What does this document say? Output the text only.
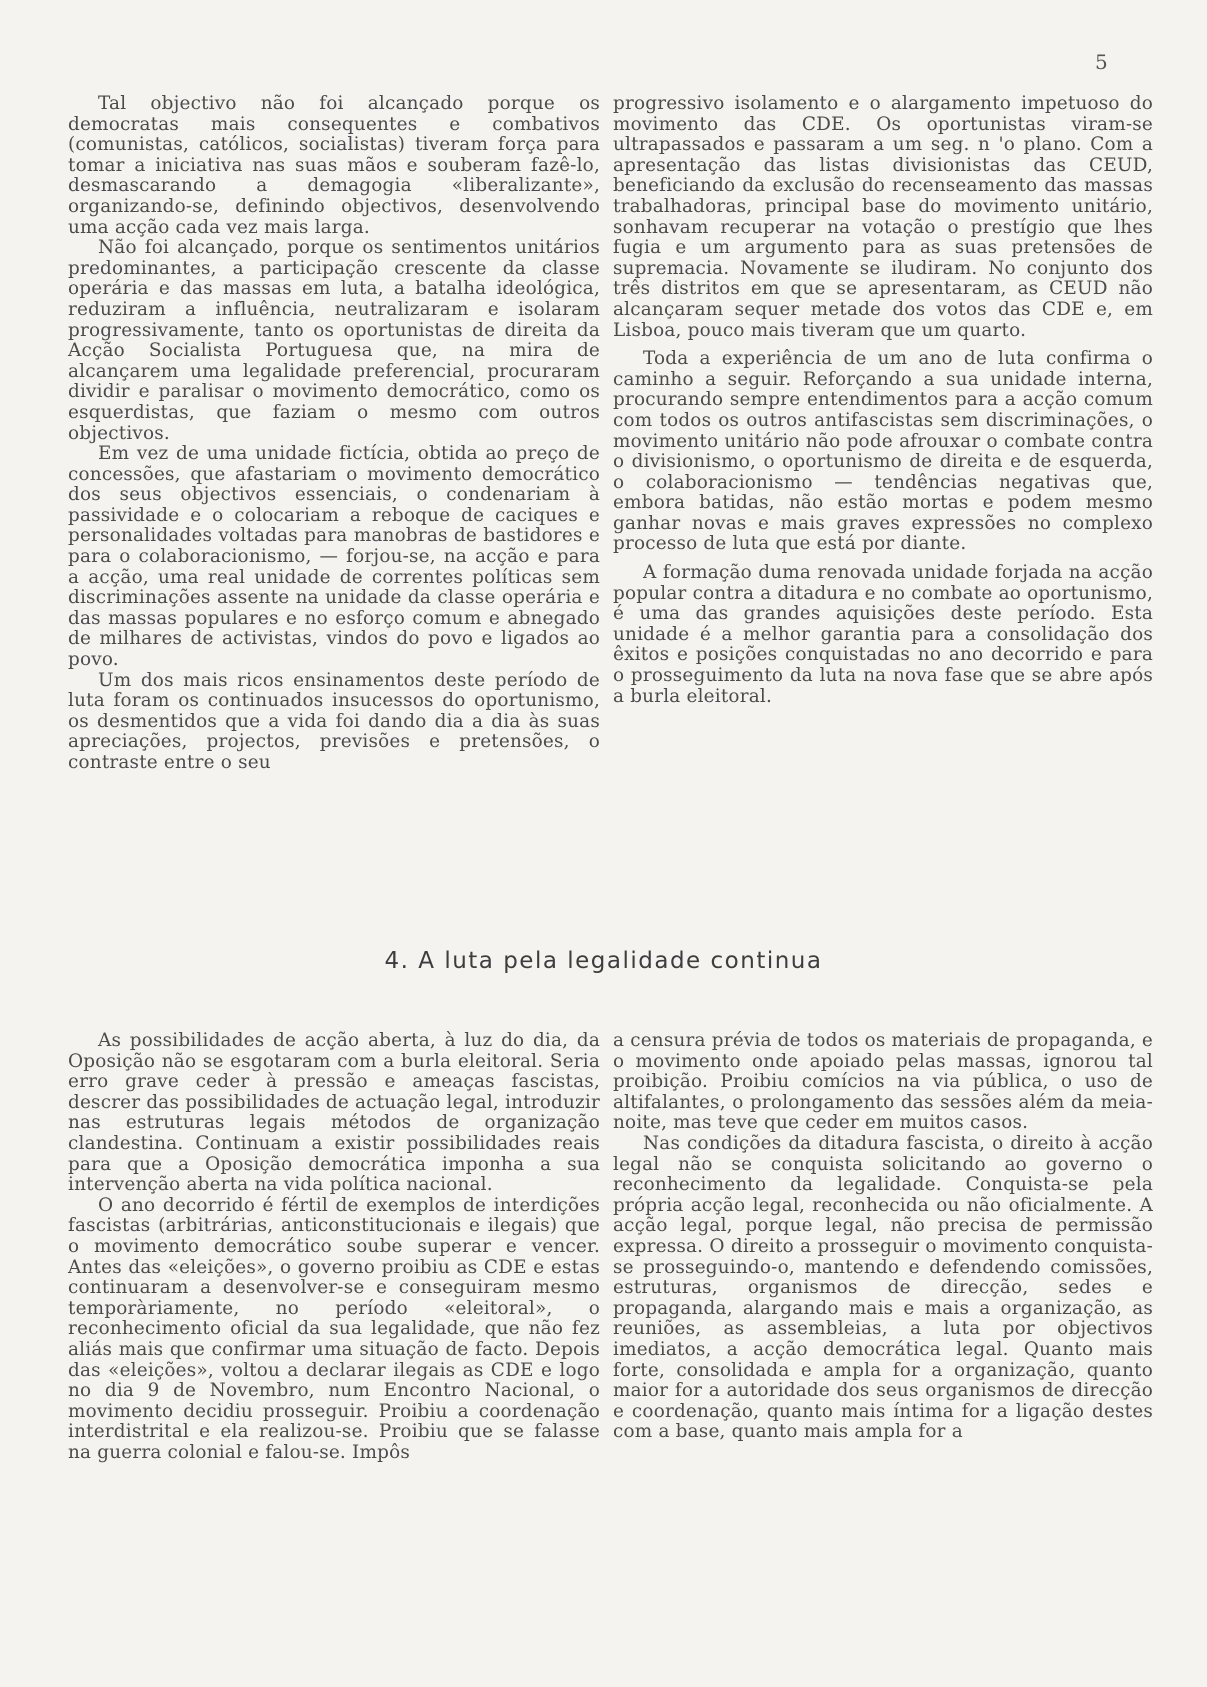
5

Tal objectivo não foi alcançado porque os democratas mais consequentes e combativos (comunistas, católicos, socialistas) tiveram força para tomar a iniciativa nas suas mãos e souberam fazê-lo, desmascarando a demagogia «liberalizante», organizando-se, definindo objectivos, desenvolvendo uma acção cada vez mais larga.

Não foi alcançado, porque os sentimentos unitários predominantes, a participação crescente da classe operária e das massas em luta, a batalha ideológica, reduziram a influência, neutralizaram e isolaram progressivamente, tanto os oportunistas de direita da Acção Socialista Portuguesa que, na mira de alcançarem uma legalidade preferencial, procuraram dividir e paralisar o movimento democrático, como os esquerdistas, que faziam o mesmo com outros objectivos.

Em vez de uma unidade fictícia, obtida ao preço de concessões, que afastariam o movimento democrático dos seus objectivos essenciais, o condenariam à passividade e o colocariam a reboque de caciques e personalidades voltadas para manobras de bastidores e para o colaboracionismo, — forjou-se, na acção e para a acção, uma real unidade de correntes políticas sem discriminações assente na unidade da classe operária e das massas populares e no esforço comum e abnegado de milhares de activistas, vindos do povo e ligados ao povo.

Um dos mais ricos ensinamentos deste período de luta foram os continuados insucessos do oportunismo, os desmentidos que a vida foi dando dia a dia às suas apreciações, projectos, previsões e pretensões, o contraste entre o seu

progressivo isolamento e o alargamento impetuoso do movimento das CDE. Os oportunistas viram-se ultrapassados e passaram a um seg. n 'o plano. Com a apresentação das listas divisionistas das CEUD, beneficiando da exclusão do recenseamento das massas trabalhadoras, principal base do movimento unitário, sonhavam recuperar na votação o prestígio que lhes fugia e um argumento para as suas pretensões de supremacia. Novamente se iludiram. No conjunto dos três distritos em que se apresentaram, as CEUD não alcançaram sequer metade dos votos das CDE e, em Lisboa, pouco mais tiveram que um quarto.

Toda a experiência de um ano de luta confirma o caminho a seguir. Reforçando a sua unidade interna, procurando sempre entendimentos para a acção comum com todos os outros antifascistas sem discriminações, o movimento unitário não pode afrouxar o combate contra o divisionismo, o oportunismo de direita e de esquerda, o colaboracionismo — tendências negativas que, embora batidas, não estão mortas e podem mesmo ganhar novas e mais graves expressões no complexo processo de luta que está por diante.

A formação duma renovada unidade forjada na acção popular contra a ditadura e no combate ao oportunismo, é uma das grandes aquisições deste período. Esta unidade é a melhor garantia para a consolidação dos êxitos e posições conquistadas no ano decorrido e para o prosseguimento da luta na nova fase que se abre após a burla eleitoral.

4. A luta pela legalidade continua

As possibilidades de acção aberta, à luz do dia, da Oposição não se esgotaram com a burla eleitoral. Seria erro grave ceder à pressão e ameaças fascistas, descrer das possibilidades de actuação legal, introduzir nas estruturas legais métodos de organização clandestina. Continuam a existir possibilidades reais para que a Oposição democrática imponha a sua intervenção aberta na vida política nacional.

O ano decorrido é fértil de exemplos de interdições fascistas (arbitrárias, anticonstitucionais e ilegais) que o movimento democrático soube superar e vencer. Antes das «eleições», o governo proibiu as CDE e estas continuaram a desenvolver-se e conseguiram mesmo temporàriamente, no período «eleitoral», o reconhecimento oficial da sua legalidade, que não fez aliás mais que confirmar uma situação de facto. Depois das «eleições», voltou a declarar ilegais as CDE e logo no dia 9 de Novembro, num Encontro Nacional, o movimento decidiu prosseguir. Proibiu a coordenação interdistrital e ela realizou-se. Proibiu que se falasse na guerra colonial e falou-se. Impôs

a censura prévia de todos os materiais de propaganda, e o movimento onde apoiado pelas massas, ignorou tal proibição. Proibiu comícios na via pública, o uso de altifalantes, o prolongamento das sessões além da meia-noite, mas teve que ceder em muitos casos.

Nas condições da ditadura fascista, o direito à acção legal não se conquista solicitando ao governo o reconhecimento da legalidade. Conquista-se pela própria acção legal, reconhecida ou não oficialmente. A acção legal, porque legal, não precisa de permissão expressa. O direito a prosseguir o movimento conquista-se prosseguindo-o, mantendo e defendendo comissões, estruturas, organismos de direcção, sedes e propaganda, alargando mais e mais a organização, as reuniões, as assembleias, a luta por objectivos imediatos, a acção democrática legal. Quanto mais forte, consolidada e ampla for a organização, quanto maior for a autoridade dos seus organismos de direcção e coordenação, quanto mais íntima for a ligação destes com a base, quanto mais ampla for a
